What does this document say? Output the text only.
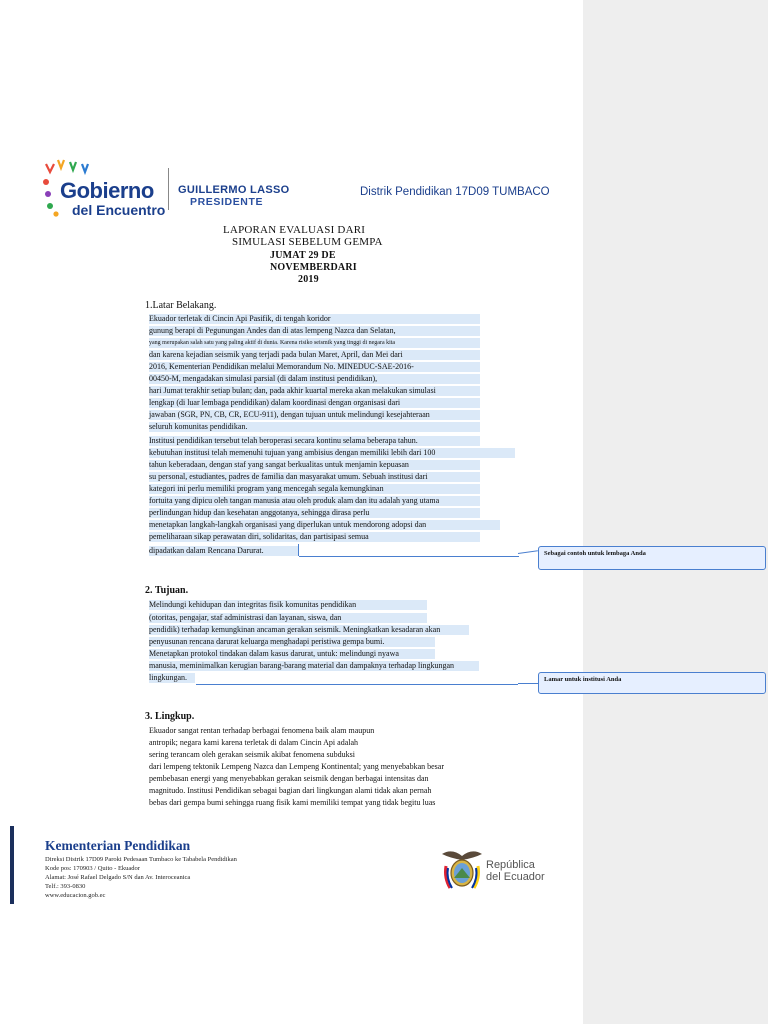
Gobierno
del Encuentro
GUILLERMO LASSO
PRESIDENTE
Distrik Pendidikan 17D09 TUMBACO
LAPORAN EVALUASI DARI
SIMULASI SEBELUM GEMPA
JUMAT 29 DE
NOVEMBERDARI
2019
1.Latar Belakang.
Ekuador terletak di Cincin Api Pasifik, di tengah koridor
gunung berapi di Pegunungan Andes dan di atas lempeng Nazca dan Selatan,
yang merupakan salah satu yang paling aktif di dunia. Karena risiko seismik yang tinggi di negara kita
dan karena kejadian seismik yang terjadi pada bulan Maret, April, dan Mei dari
2016, Kementerian Pendidikan melalui Memorandum No. MINEDUC-SAE-2016-
00450-M, mengadakan simulasi parsial (di dalam institusi pendidikan),
hari Jumat terakhir setiap bulan; dan, pada akhir kuartal mereka akan melakukan simulasi
lengkap (di luar lembaga pendidikan) dalam koordinasi dengan organisasi dari
jawaban (SGR, PN, CB, CR, ECU-911), dengan tujuan untuk melindungi kesejahteraan
seluruh komunitas pendidikan.
Institusi pendidikan tersebut telah beroperasi secara kontinu selama beberapa tahun.
kebutuhan institusi telah memenuhi tujuan yang ambisius dengan memiliki lebih dari 100
tahun keberadaan, dengan staf yang sangat berkualitas untuk menjamin kepuasan
su personal, estudiantes, padres de familia dan masyarakat umum. Sebuah institusi dari
kategori ini perlu memiliki program yang mencegah segala kemungkinan
fortuita yang dipicu oleh tangan manusia atau oleh produk alam dan itu adalah yang utama
perlindungan hidup dan kesehatan anggotanya, sehingga dirasa perlu
menetapkan langkah-langkah organisasi yang diperlukan untuk mendorong adopsi dan
pemeliharaan sikap perawatan diri, solidaritas, dan partisipasi semua
dipadatkan dalam Rencana Darurat.	Sebagai contoh untuk lembaga Anda
2. Tujuan.
Melindungi kehidupan dan integritas fisik komunitas pendidikan
(otoritas, pengajar, staf administrasi dan layanan, siswa, dan
pendidik) terhadap kemungkinan ancaman gerakan seismik. Meningkatkan kesadaran akan
penyusunan rencana darurat keluarga menghadapi peristiwa gempa bumi.
Menetapkan protokol tindakan dalam kasus darurat, untuk: melindungi nyawa
manusia, meminimalkan kerugian barang-barang material dan dampaknya terhadap lingkungan
lingkungan.	Lamar untuk institusi Anda
3. Lingkup.
Ekuador sangat rentan terhadap berbagai fenomena baik alam maupun
antropik; negara kami karena terletak di dalam Cincin Api adalah
sering terancam oleh gerakan seismik akibat fenomena subduksi
dari lempeng tektonik Lempeng Nazca dan Lempeng Kontinental; yang menyebabkan besar
pembebasan energi yang menyebabkan gerakan seismik dengan berbagai intensitas dan
magnitudo. Institusi Pendidikan sebagai bagian dari lingkungan alami tidak akan pernah
bebas dari gempa bumi sehingga ruang fisik kami memiliki tempat yang tidak begitu luas
Kementerian Pendidikan
Direksi Distrik 17D09 Paroki Pedesaan Tumbaco ke Tababela Pendidikan
Kode pos: 170903 / Quito - Ekuador
Alamat: José Rafael Delgado S/N dan Av. Interoceanica
Telf.: 393-0830
www.educacion.gob.ec
República
del Ecuador
